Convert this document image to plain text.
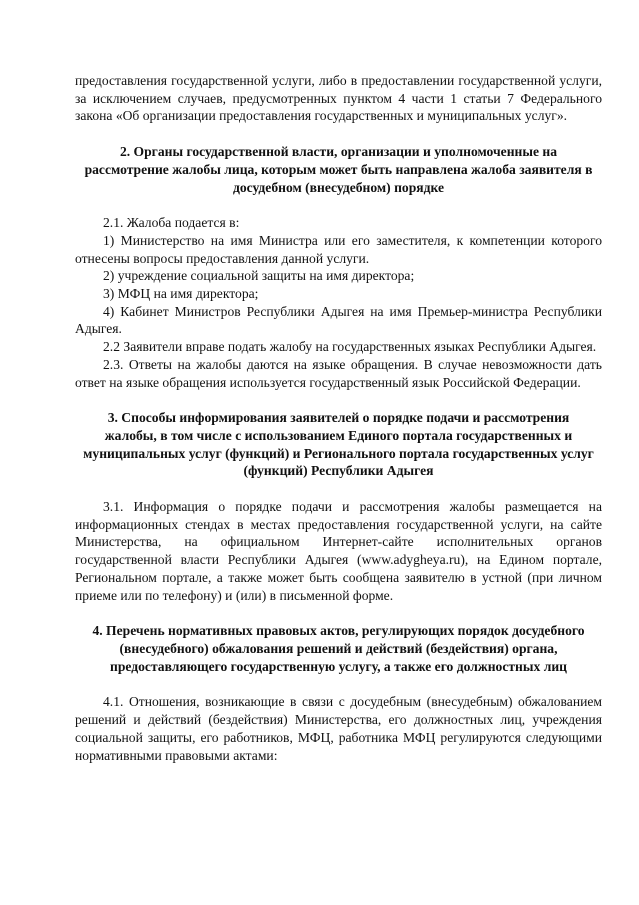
предоставления государственной услуги, либо в предоставлении государственной услуги, за исключением случаев, предусмотренных пунктом 4 части 1 статьи 7 Федерального закона «Об организации предоставления государственных и муниципальных услуг».

2. Органы государственной власти, организации и уполномоченные на рассмотрение жалобы лица, которым может быть направлена жалоба заявителя в досудебном (внесудебном) порядке

2.1. Жалоба подается в:

1) Министерство на имя Министра или его заместителя, к компетенции которого отнесены вопросы предоставления данной услуги.

2) учреждение социальной защиты на имя директора;

3) МФЦ на имя директора;

4) Кабинет Министров Республики Адыгея на имя Премьер-министра Республики Адыгея.

2.2 Заявители вправе подать жалобу на государственных языках Республики Адыгея.

2.3. Ответы на жалобы даются на языке обращения. В случае невозможности дать ответ на языке обращения используется государственный язык Российской Федерации.

3. Способы информирования заявителей о порядке подачи и рассмотрения жалобы, в том числе с использованием Единого портала государственных и муниципальных услуг (функций) и Регионального портала государственных услуг (функций) Республики Адыгея

3.1. Информация о порядке подачи и рассмотрения жалобы размещается на информационных стендах в местах предоставления государственной услуги, на сайте Министерства, на официальном Интернет-сайте исполнительных органов государственной власти Республики Адыгея (www.adygheya.ru), на Едином портале, Региональном портале, а также может быть сообщена заявителю в устной (при личном приеме или по телефону) и (или) в письменной форме.

4. Перечень нормативных правовых актов, регулирующих порядок досудебного (внесудебного) обжалования решений и действий (бездействия) органа, предоставляющего государственную услугу, а также его должностных лиц

4.1. Отношения, возникающие в связи с досудебным (внесудебным) обжалованием решений и действий (бездействия) Министерства, его должностных лиц, учреждения социальной защиты, его работников, МФЦ, работника МФЦ регулируются следующими нормативными правовыми актами:
